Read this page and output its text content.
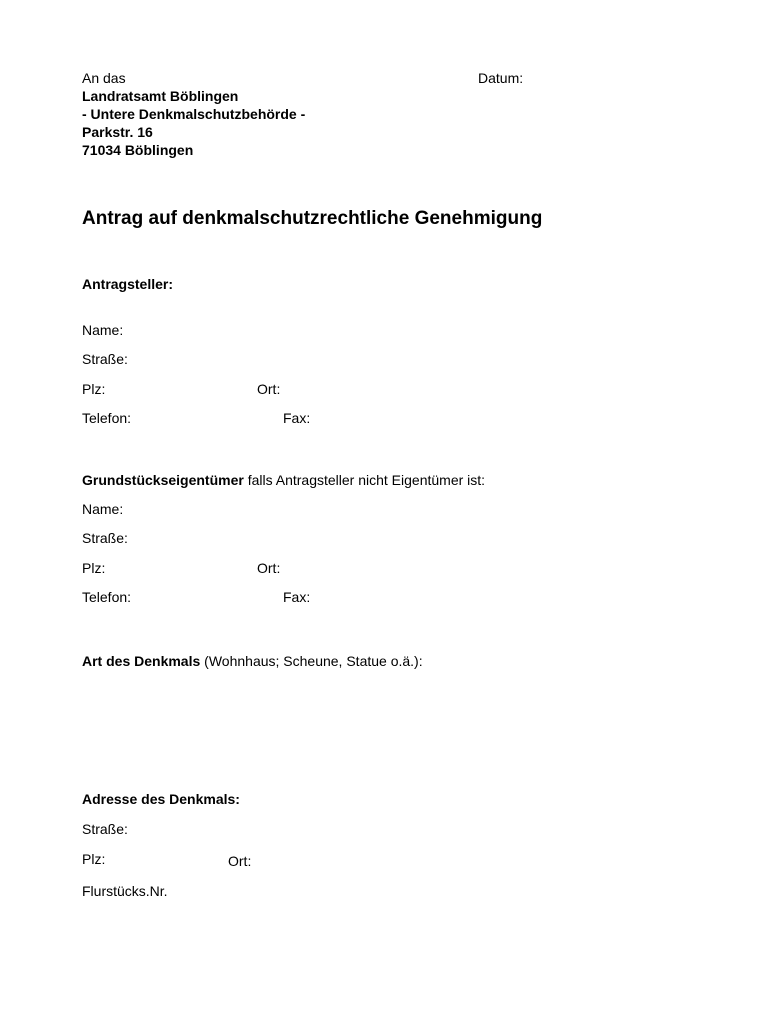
An das	Datum:
Landratsamt Böblingen
- Untere Denkmalschutzbehörde -
Parkstr. 16
71034 Böblingen
Antrag auf denkmalschutzrechtliche Genehmigung
Antragsteller:
Name:
Straße:
Plz:	Ort:
Telefon:	Fax:
Grundstückseigentümer falls Antragsteller nicht Eigentümer ist:
Name:
Straße:
Plz:	Ort:
Telefon:	Fax:
Art des Denkmals (Wohnhaus; Scheune, Statue o.ä.):
Adresse des Denkmals:
Straße:
Plz:	Ort:
Flurstücks.Nr.
